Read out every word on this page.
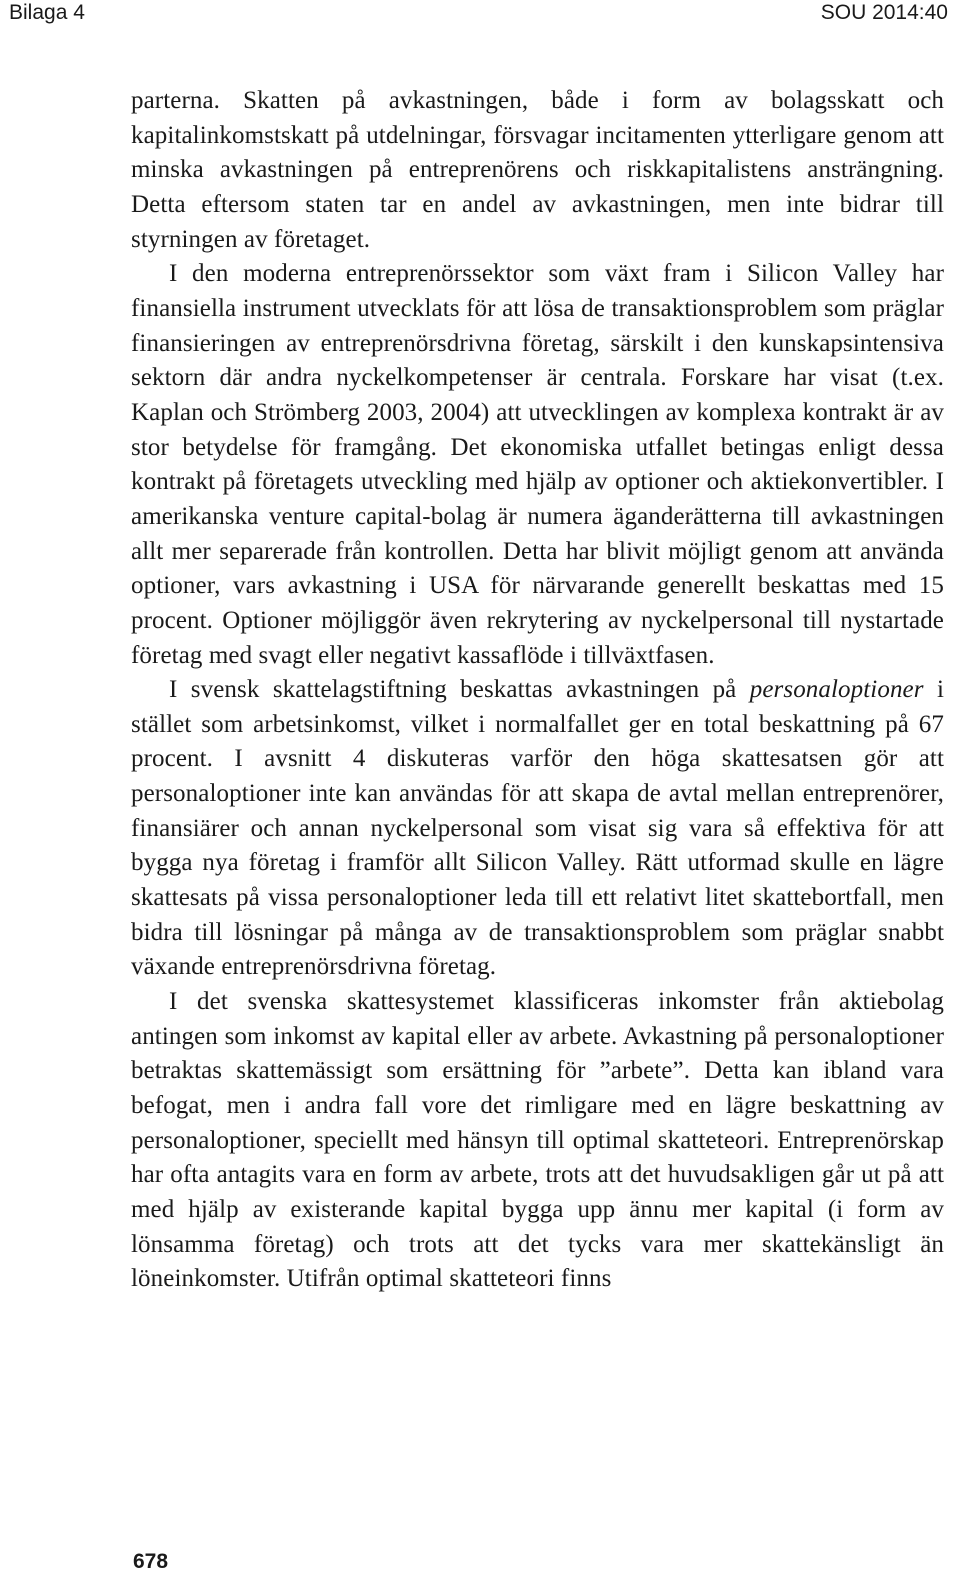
Bilaga 4	SOU 2014:40

parterna. Skatten på avkastningen, både i form av bolagsskatt och kapitalinkomstskatt på utdelningar, försvagar incitamenten ytterligare genom att minska avkastningen på entreprenörens och riskkapitalistens ansträngning. Detta eftersom staten tar en andel av avkastningen, men inte bidrar till styrningen av företaget.

I den moderna entreprenörssektor som växt fram i Silicon Valley har finansiella instrument utvecklats för att lösa de transaktionsproblem som präglar finansieringen av entreprenörsdrivna företag, särskilt i den kunskapsintensiva sektorn där andra nyckelkompetenser är centrala. Forskare har visat (t.ex. Kaplan och Strömberg 2003, 2004) att utvecklingen av komplexa kontrakt är av stor betydelse för framgång. Det ekonomiska utfallet betingas enligt dessa kontrakt på företagets utveckling med hjälp av optioner och aktiekonvertibler. I amerikanska venture capital-bolag är numera äganderätterna till avkastningen allt mer separerade från kontrollen. Detta har blivit möjligt genom att använda optioner, vars avkastning i USA för närvarande generellt beskattas med 15 procent. Optioner möjliggör även rekrytering av nyckelpersonal till nystartade företag med svagt eller negativt kassaflöde i tillväxtfasen.

I svensk skattelagstiftning beskattas avkastningen på personaloptioner i stället som arbetsinkomst, vilket i normalfallet ger en total beskattning på 67 procent. I avsnitt 4 diskuteras varför den höga skattesatsen gör att personaloptioner inte kan användas för att skapa de avtal mellan entreprenörer, finansiärer och annan nyckelpersonal som visat sig vara så effektiva för att bygga nya företag i framför allt Silicon Valley. Rätt utformad skulle en lägre skattesats på vissa personaloptioner leda till ett relativt litet skattebortfall, men bidra till lösningar på många av de transaktionsproblem som präglar snabbt växande entreprenörsdrivna företag.

I det svenska skattesystemet klassificeras inkomster från aktiebolag antingen som inkomst av kapital eller av arbete. Avkastning på personaloptioner betraktas skattemässigt som ersättning för ”arbete”. Detta kan ibland vara befogat, men i andra fall vore det rimligare med en lägre beskattning av personaloptioner, speciellt med hänsyn till optimal skatteteori. Entreprenörskap har ofta antagits vara en form av arbete, trots att det huvudsakligen går ut på att med hjälp av existerande kapital bygga upp ännu mer kapital (i form av lönsamma företag) och trots att det tycks vara mer skattekänsligt än löneinkomster. Utifrån optimal skatteteori finns

678
